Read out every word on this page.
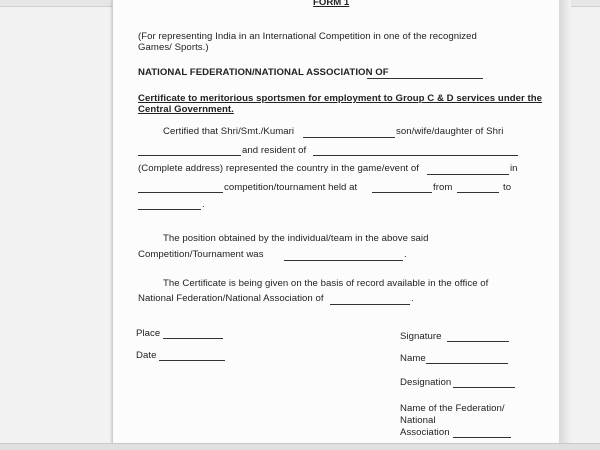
FORM 1
(For representing India in an International Competition in one of the recognized
Games/ Sports.)
NATIONAL FEDERATION/NATIONAL ASSOCIATION OF
Certificate to meritorious sportsmen for employment to Group C & D services under the
Central Government.
Certified that Shri/Smt./Kumari	son/wife/daughter of Shri
and resident of
(Complete address) represented the country in the game/event of	in
competition/tournament held at	from	to
.
The position obtained by the individual/team in the above said
Competition/Tournament was	.
The Certificate is being given on the basis of record available in the office of
National Federation/National Association of	.
Place
Date
Signature
Name
Designation
Name of the Federation/
National
Association
